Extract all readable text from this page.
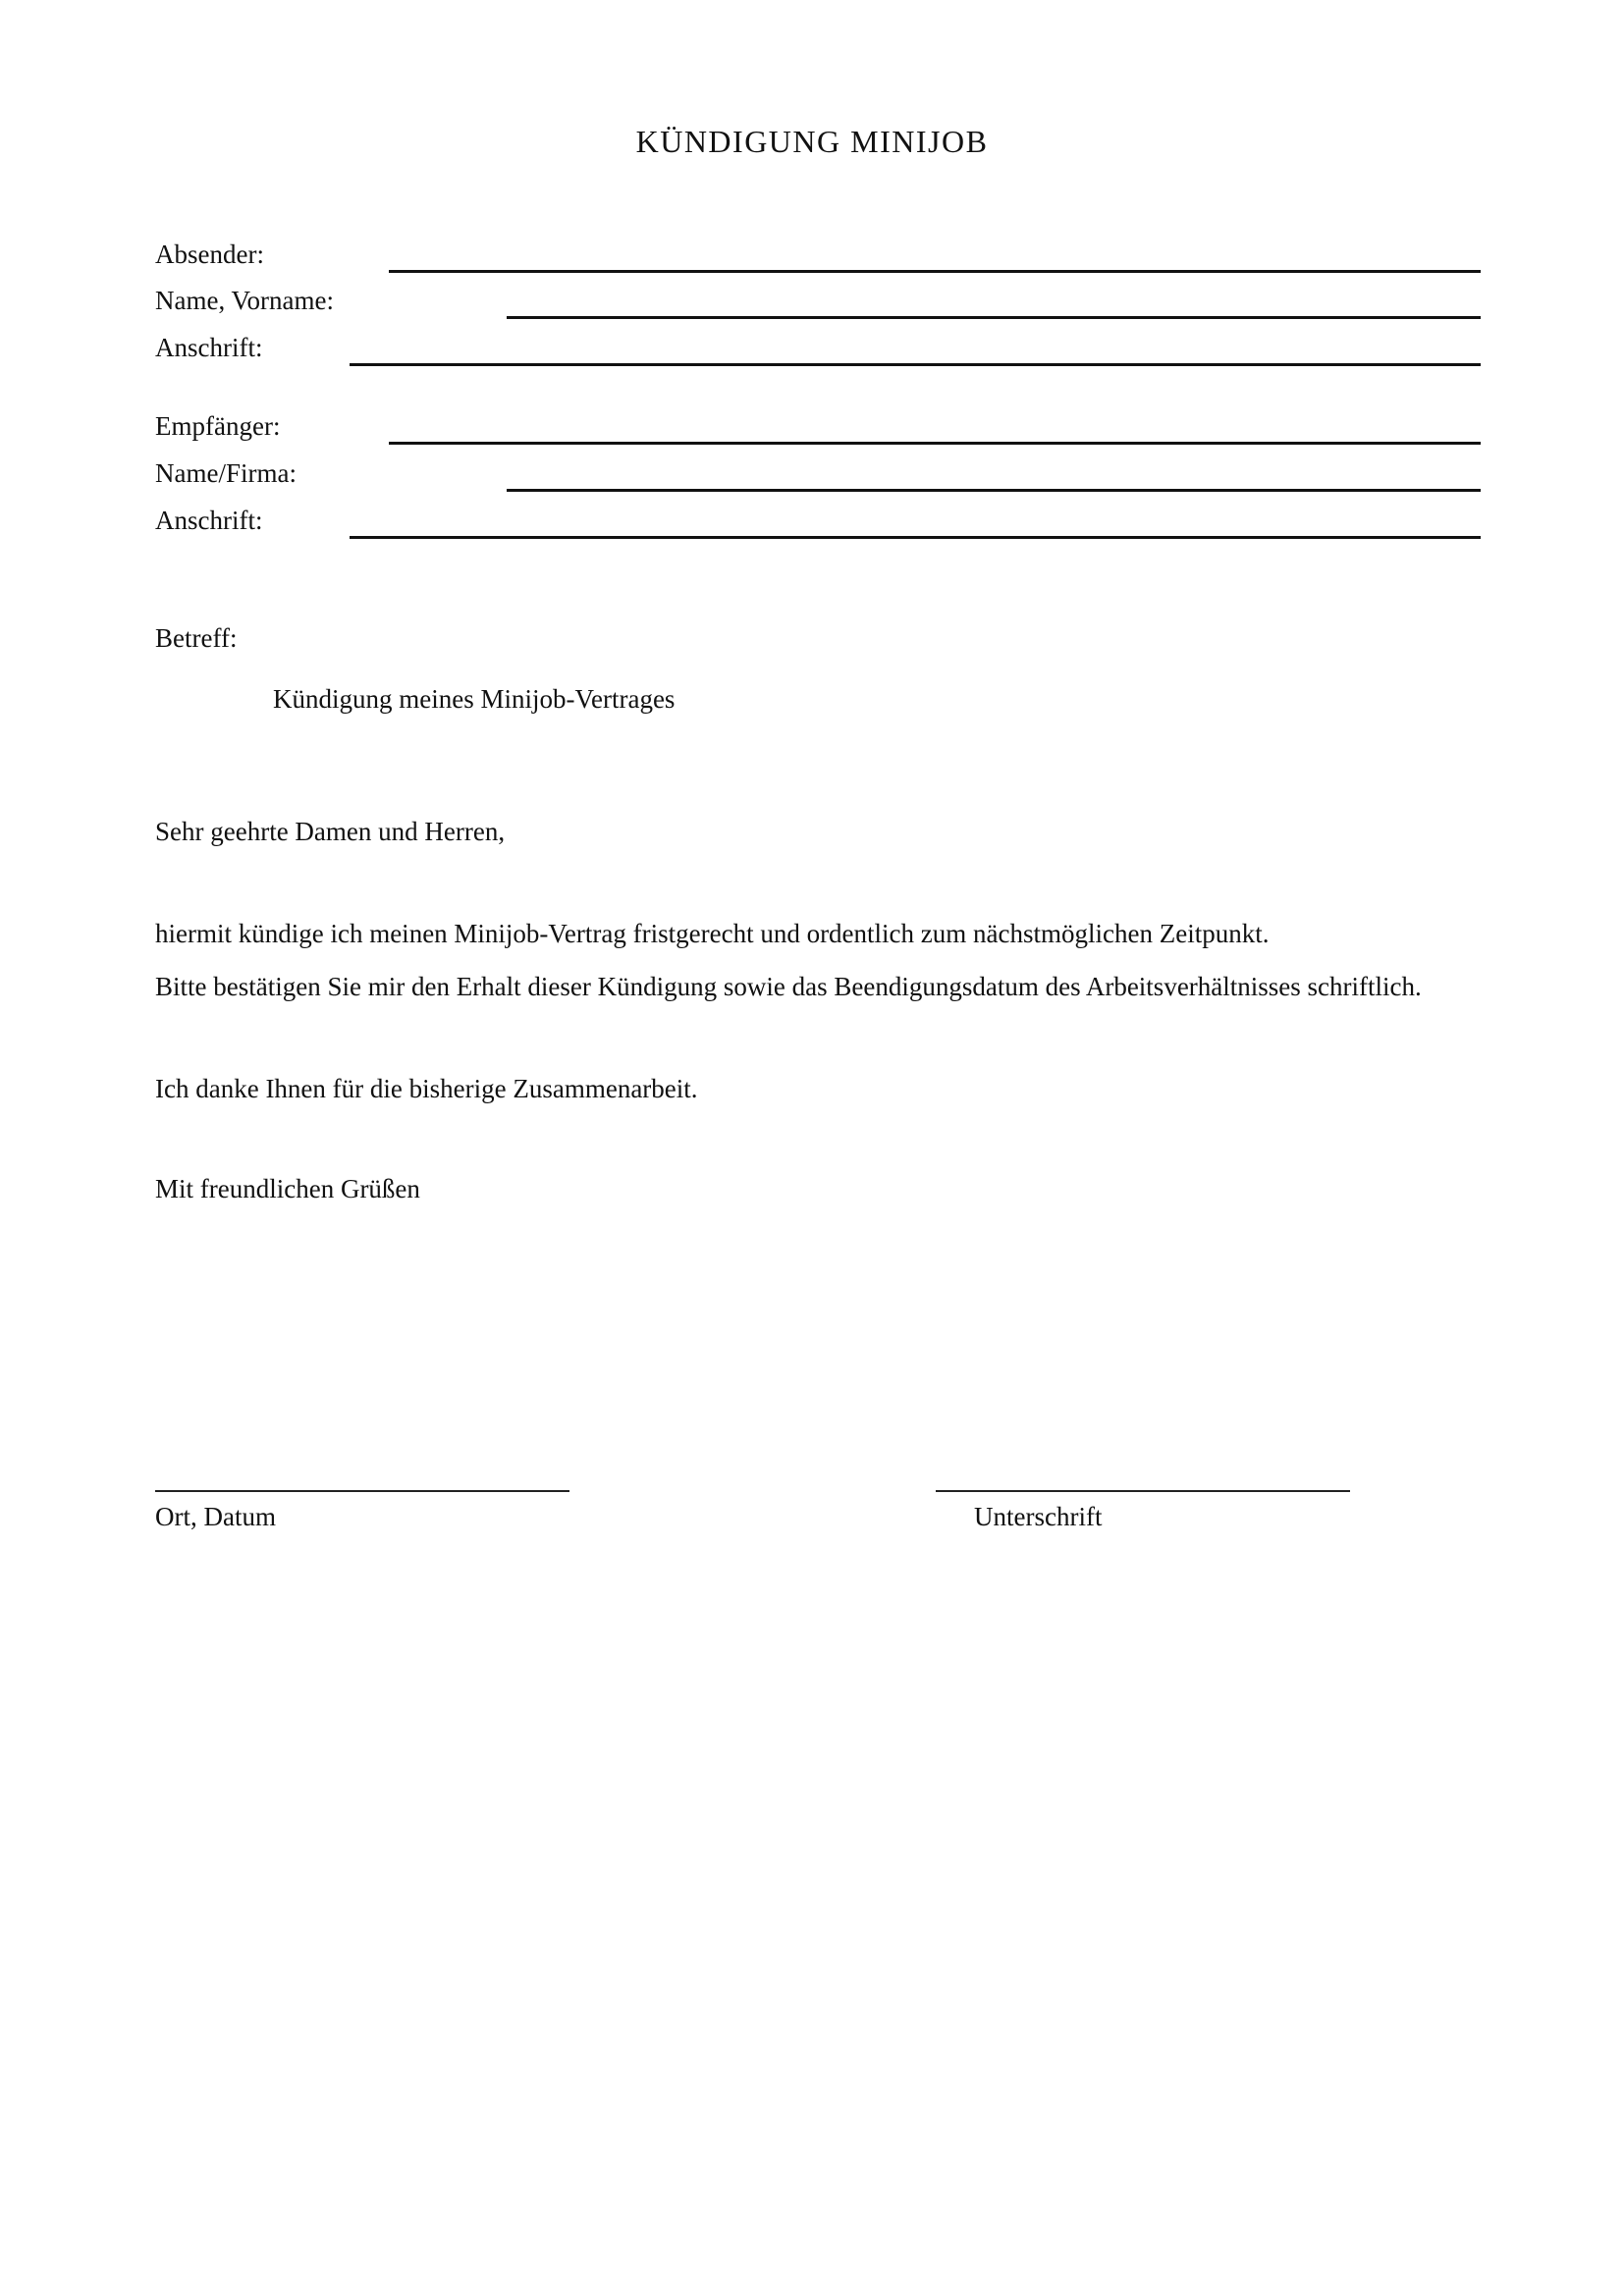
KÜNDIGUNG MINIJOB
Absender:
Name, Vorname:
Anschrift:
Empfänger:
Name/Firma:
Anschrift:
Betreff:
Kündigung meines Minijob-Vertrages
Sehr geehrte Damen und Herren,
hiermit kündige ich meinen Minijob-Vertrag fristgerecht und ordentlich zum nächstmöglichen Zeitpunkt.
Bitte bestätigen Sie mir den Erhalt dieser Kündigung sowie das Beendigungsdatum des Arbeitsverhältnisses schriftlich.
Ich danke Ihnen für die bisherige Zusammenarbeit.
Mit freundlichen Grüßen
Ort, Datum	Unterschrift
